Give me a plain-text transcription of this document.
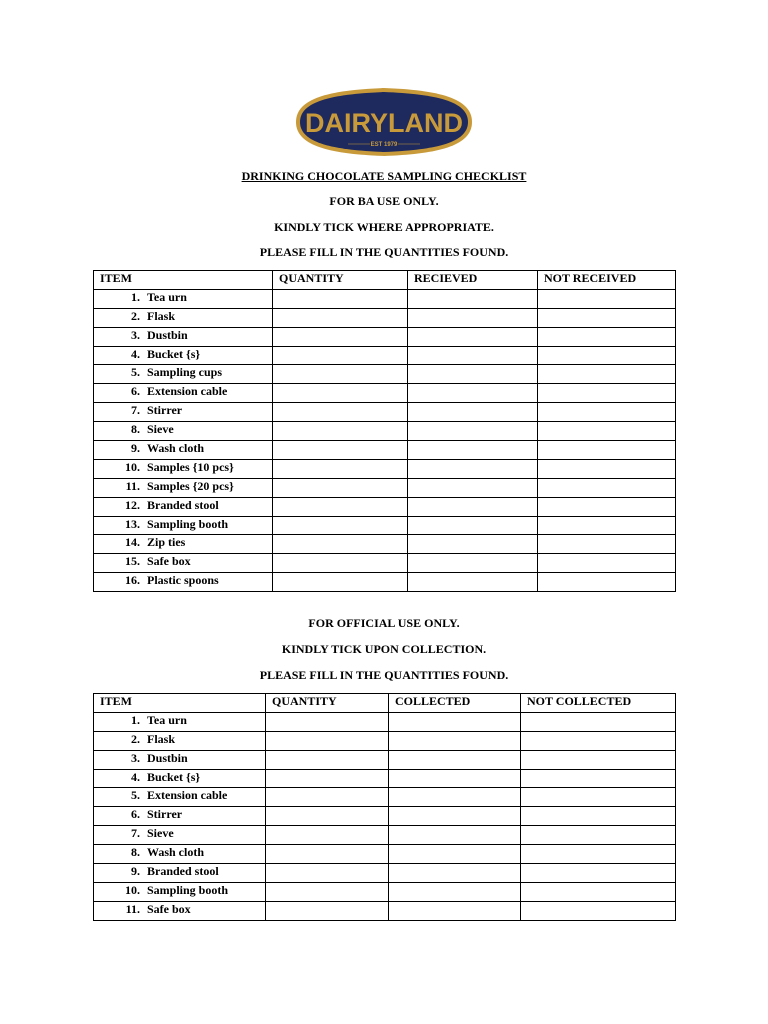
DAIRYLAND
EST 1979
DRINKING CHOCOLATE SAMPLING CHECKLIST
FOR BA USE ONLY.
KINDLY TICK WHERE APPROPRIATE.
PLEASE FILL IN THE QUANTITIES FOUND.
ITEM	QUANTITY	RECIEVED	NOT RECEIVED
1. Tea urn			
2. Flask			
3. Dustbin			
4. Bucket {s}			
5. Sampling cups			
6. Extension cable			
7. Stirrer			
8. Sieve			
9. Wash cloth			
10. Samples {10 pcs}			
11. Samples {20 pcs}			
12. Branded stool			
13. Sampling booth			
14. Zip ties			
15. Safe box			
16. Plastic spoons			
FOR OFFICIAL USE ONLY.
KINDLY TICK UPON COLLECTION.
PLEASE FILL IN THE QUANTITIES FOUND.
ITEM	QUANTITY	COLLECTED	NOT COLLECTED
1. Tea urn			
2. Flask			
3. Dustbin			
4. Bucket {s}			
5. Extension cable			
6. Stirrer			
7. Sieve			
8. Wash cloth			
9. Branded stool			
10. Sampling booth			
11. Safe box			
